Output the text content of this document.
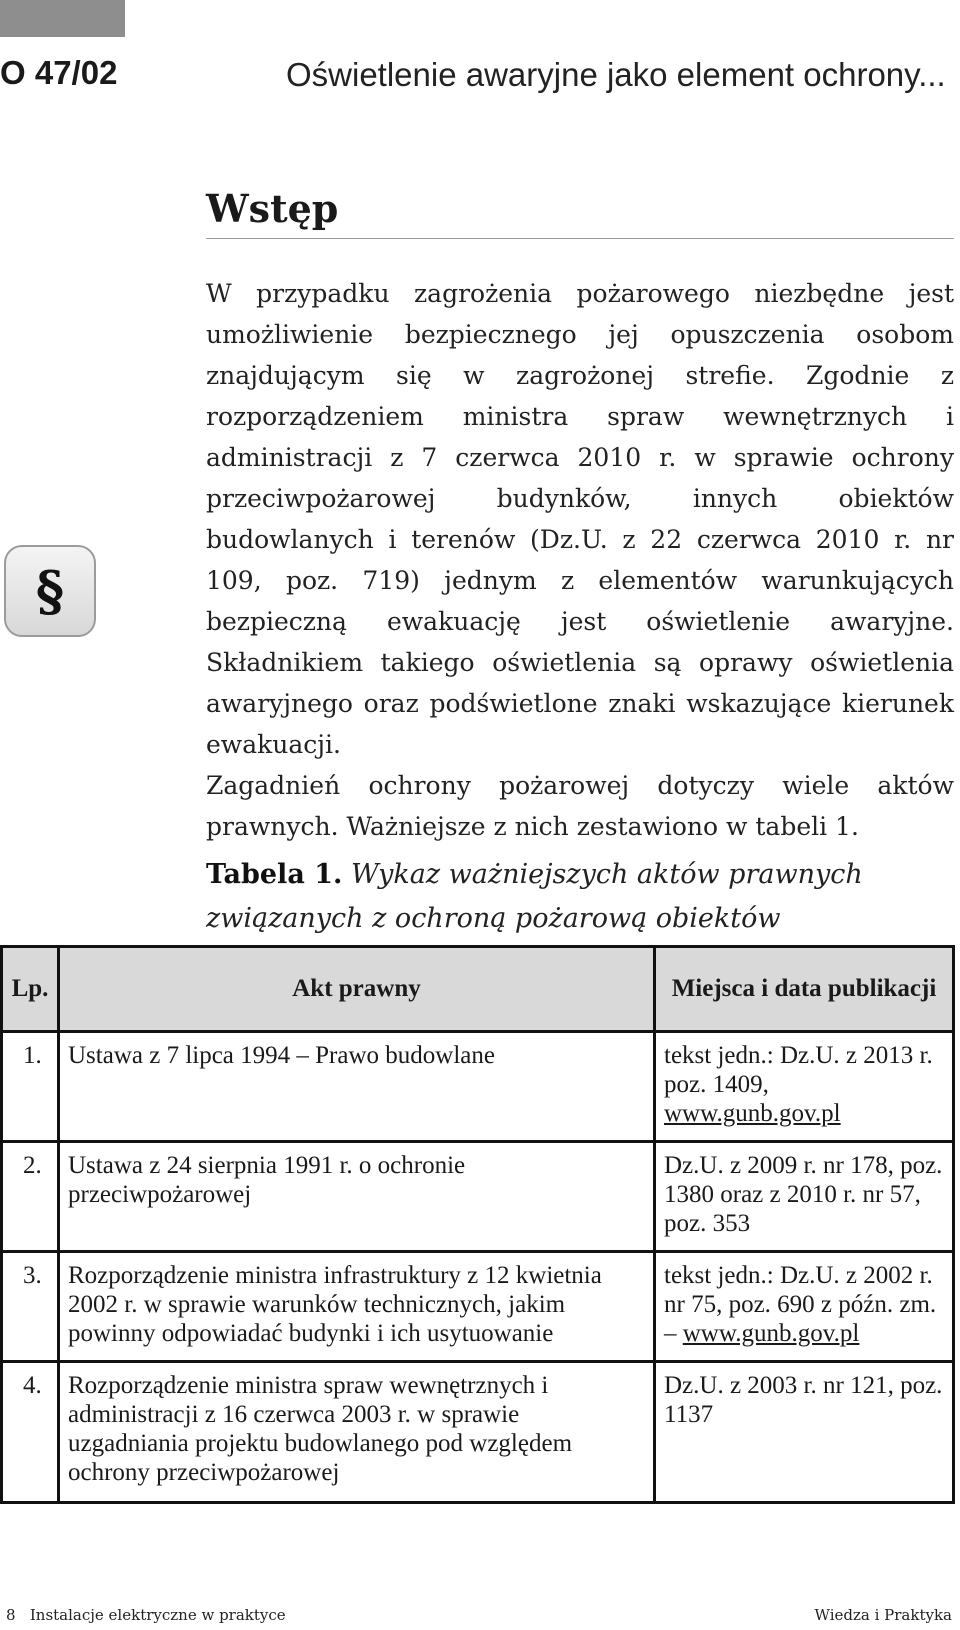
O 47/02	Oświetlenie awaryjne jako element ochrony...
Wstęp
§

W przypadku zagrożenia pożarowego niezbędne jest umożliwienie bezpiecznego jej opuszczenia osobom znajdującym się w zagrożonej strefie. Zgodnie z rozporządzeniem ministra spraw wewnętrznych i administracji z 7 czerwca 2010 r. w sprawie ochrony przeciwpożarowej budynków, innych obiektów budowlanych i terenów (Dz.U. z 22 czerwca 2010 r. nr 109, poz. 719) jednym z elementów warunkujących bezpieczną ewakuację jest oświetlenie awaryjne. Składnikiem takiego oświetlenia są oprawy oświetlenia awaryjnego oraz podświetlone znaki wskazujące kierunek ewakuacji.

Zagadnień ochrony pożarowej dotyczy wiele aktów prawnych. Ważniejsze z nich zestawiono w tabeli 1.

Tabela 1. Wykaz ważniejszych aktów prawnych związanych z ochroną pożarową obiektów
Lp.	Akt prawny	Miejsca i data publikacji
1.	Ustawa z 7 lipca 1994 – Prawo budowlane	tekst jedn.: Dz.U. z 2013 r. poz. 1409, www.gunb.gov.pl
2.	Ustawa z 24 sierpnia 1991 r. o ochronie przeciwpożarowej	Dz.U. z 2009 r. nr 178, poz. 1380 oraz z 2010 r. nr 57, poz. 353
3.	Rozporządzenie ministra infrastruktury z 12 kwietnia 2002 r. w sprawie warunków technicznych, jakim powinny odpowiadać budynki i ich usytuowanie	tekst jedn.: Dz.U. z 2002 r. nr 75, poz. 690 z późn. zm. – www.gunb.gov.pl
4.	Rozporządzenie ministra spraw wewnętrznych i administracji z 16 czerwca 2003 r. w sprawie uzgadniania projektu budowlanego pod względem ochrony przeciwpożarowej	Dz.U. z 2003 r. nr 121, poz. 1137
8 Instalacje elektryczne w praktyce	Wiedza i Praktyka
